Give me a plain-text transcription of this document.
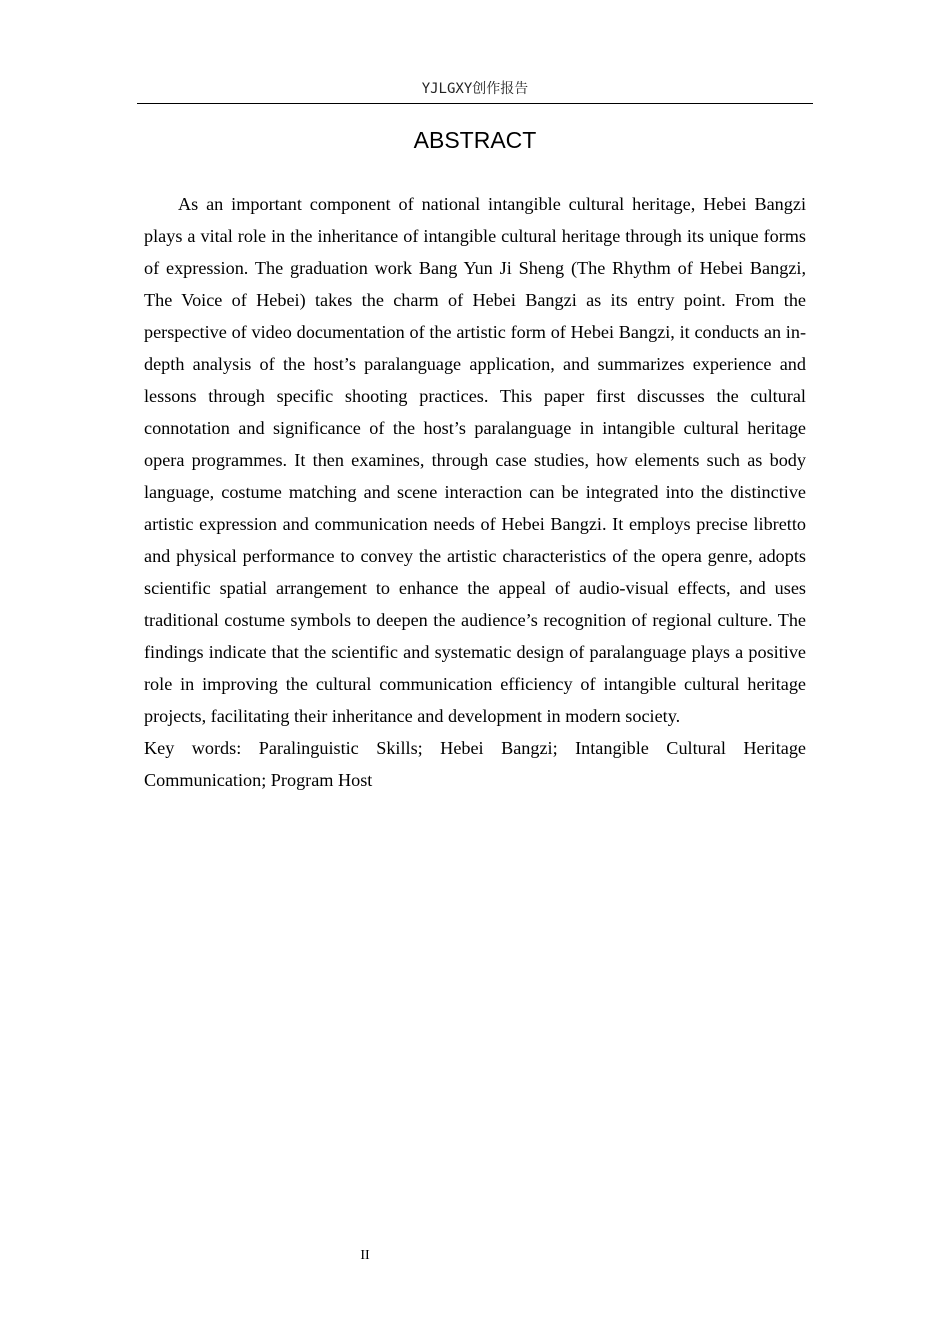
YJLGXY创作报告
ABSTRACT

As an important component of national intangible cultural heritage, Hebei Bangzi plays a vital role in the inheritance of intangible cultural heritage through its unique forms of expression. The graduation work Bang Yun Ji Sheng (The Rhythm of Hebei Bangzi, The Voice of Hebei) takes the charm of Hebei Bangzi as its entry point. From the perspective of video documentation of the artistic form of Hebei Bangzi, it conducts an in-depth analysis of the host’s paralanguage application, and summarizes experience and lessons through specific shooting practices. This paper first discusses the cultural connotation and significance of the host’s paralanguage in intangible cultural heritage opera programmes. It then examines, through case studies, how elements such as body language, costume matching and scene interaction can be integrated into the distinctive artistic expression and communication needs of Hebei Bangzi. It employs precise libretto and physical performance to convey the artistic characteristics of the opera genre, adopts scientific spatial arrangement to enhance the appeal of audio-visual effects, and uses traditional costume symbols to deepen the audience’s recognition of regional culture. The findings indicate that the scientific and systematic design of paralanguage plays a positive role in improving the cultural communication efficiency of intangible cultural heritage projects, facilitating their inheritance and development in modern society.

Key words: Paralinguistic Skills; Hebei Bangzi; Intangible Cultural Heritage Communication; Program Host

II
